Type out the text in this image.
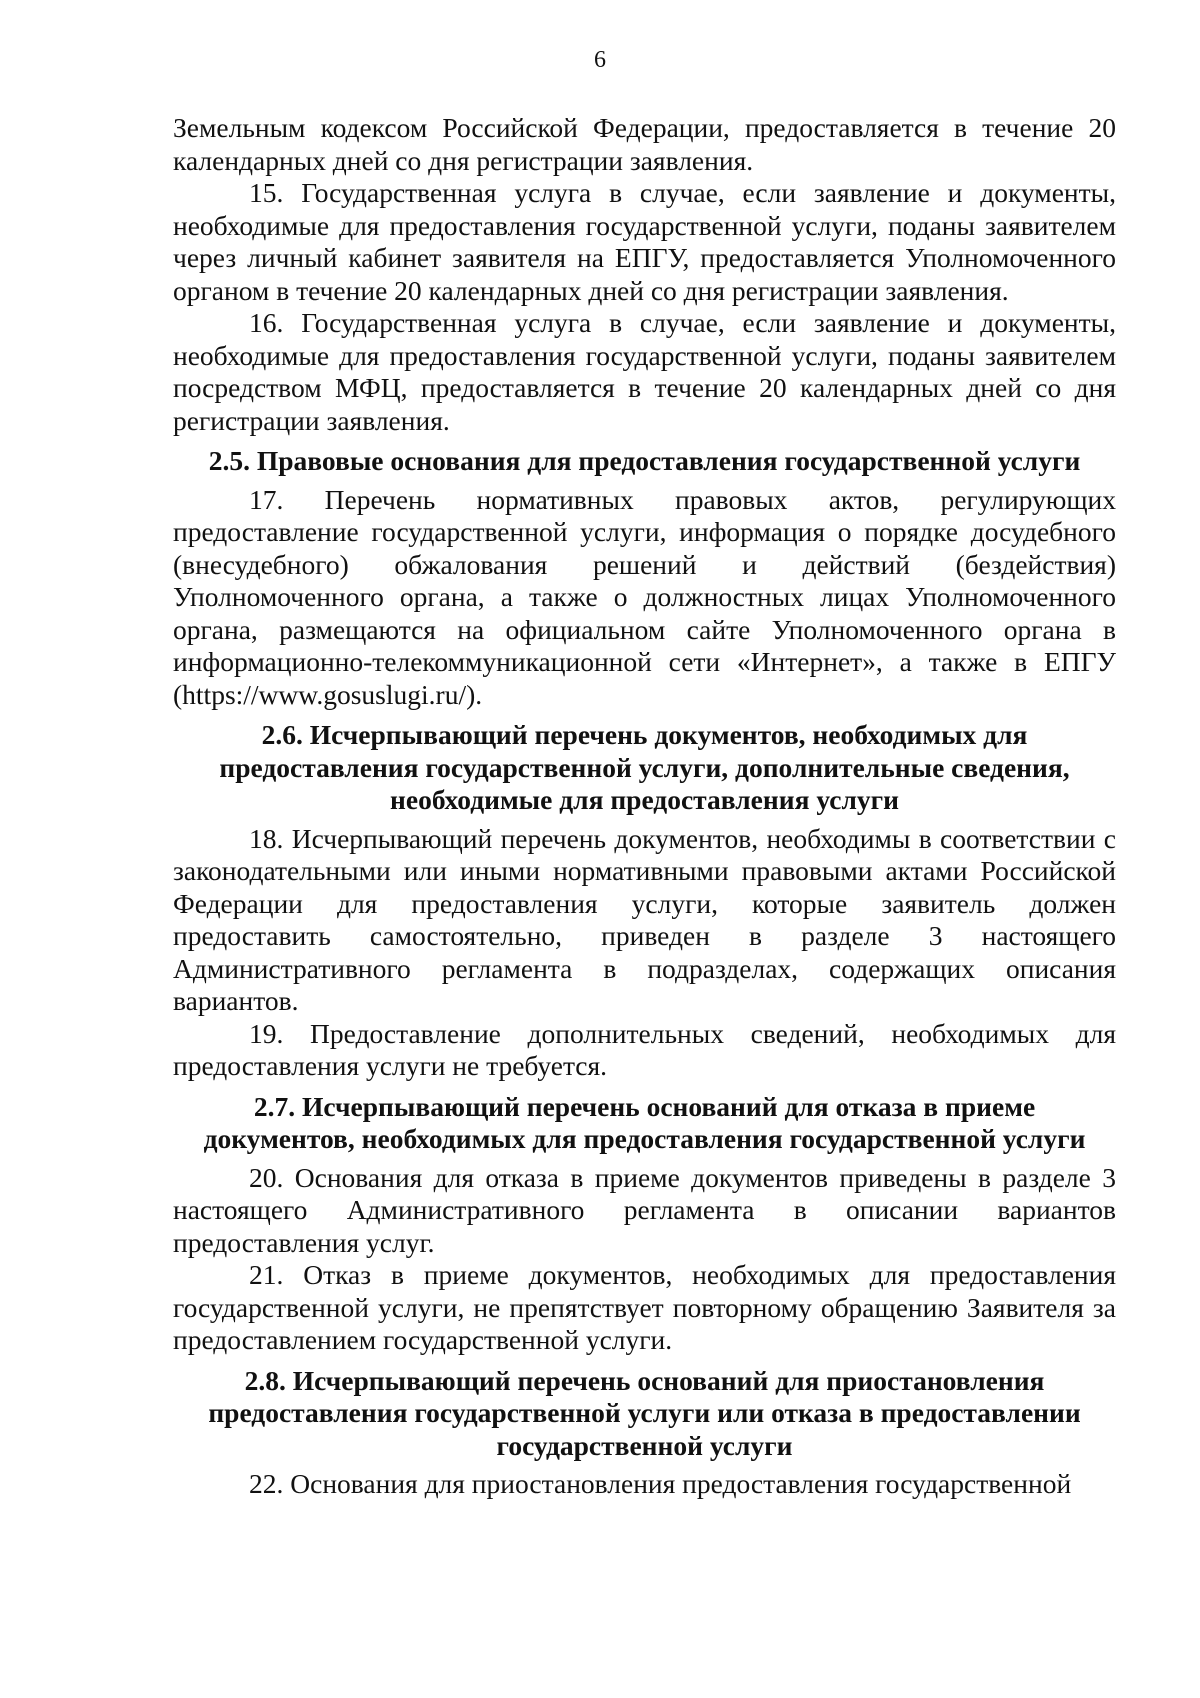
6

Земельным кодексом Российской Федерации, предоставляется в течение 20 календарных дней со дня регистрации заявления.

15. Государственная услуга в случае, если заявление и документы, необходимые для предоставления государственной услуги, поданы заявителем через личный кабинет заявителя на ЕПГУ, предоставляется Уполномоченного органом в течение 20 календарных дней со дня регистрации заявления.

16. Государственная услуга в случае, если заявление и документы, необходимые для предоставления государственной услуги, поданы заявителем посредством МФЦ, предоставляется в течение 20 календарных дней со дня регистрации заявления.

2.5. Правовые основания для предоставления государственной услуги

17. Перечень нормативных правовых актов, регулирующих предоставление государственной услуги, информация о порядке досудебного (внесудебного) обжалования решений и действий (бездействия) Уполномоченного органа, а также о должностных лицах Уполномоченного органа, размещаются на официальном сайте Уполномоченного органа в информационно-телекоммуникационной сети «Интернет», а также в ЕПГУ (https://www.gosuslugi.ru/).

2.6. Исчерпывающий перечень документов, необходимых для
предоставления государственной услуги, дополнительные сведения,
необходимые для предоставления услуги

18. Исчерпывающий перечень документов, необходимы в соответствии с законодательными или иными нормативными правовыми актами Российской Федерации для предоставления услуги, которые заявитель должен предоставить самостоятельно, приведен в разделе 3 настоящего Административного регламента в подразделах, содержащих описания вариантов.

19. Предоставление дополнительных сведений, необходимых для предоставления услуги не требуется.

2.7. Исчерпывающий перечень оснований для отказа в приеме
документов, необходимых для предоставления государственной услуги

20. Основания для отказа в приеме документов приведены в разделе 3 настоящего Административного регламента в описании вариантов предоставления услуг.

21. Отказ в приеме документов, необходимых для предоставления государственной услуги, не препятствует повторному обращению Заявителя за предоставлением государственной услуги.

2.8. Исчерпывающий перечень оснований для приостановления
предоставления государственной услуги или отказа в предоставлении
государственной услуги

22. Основания для приостановления предоставления государственной
